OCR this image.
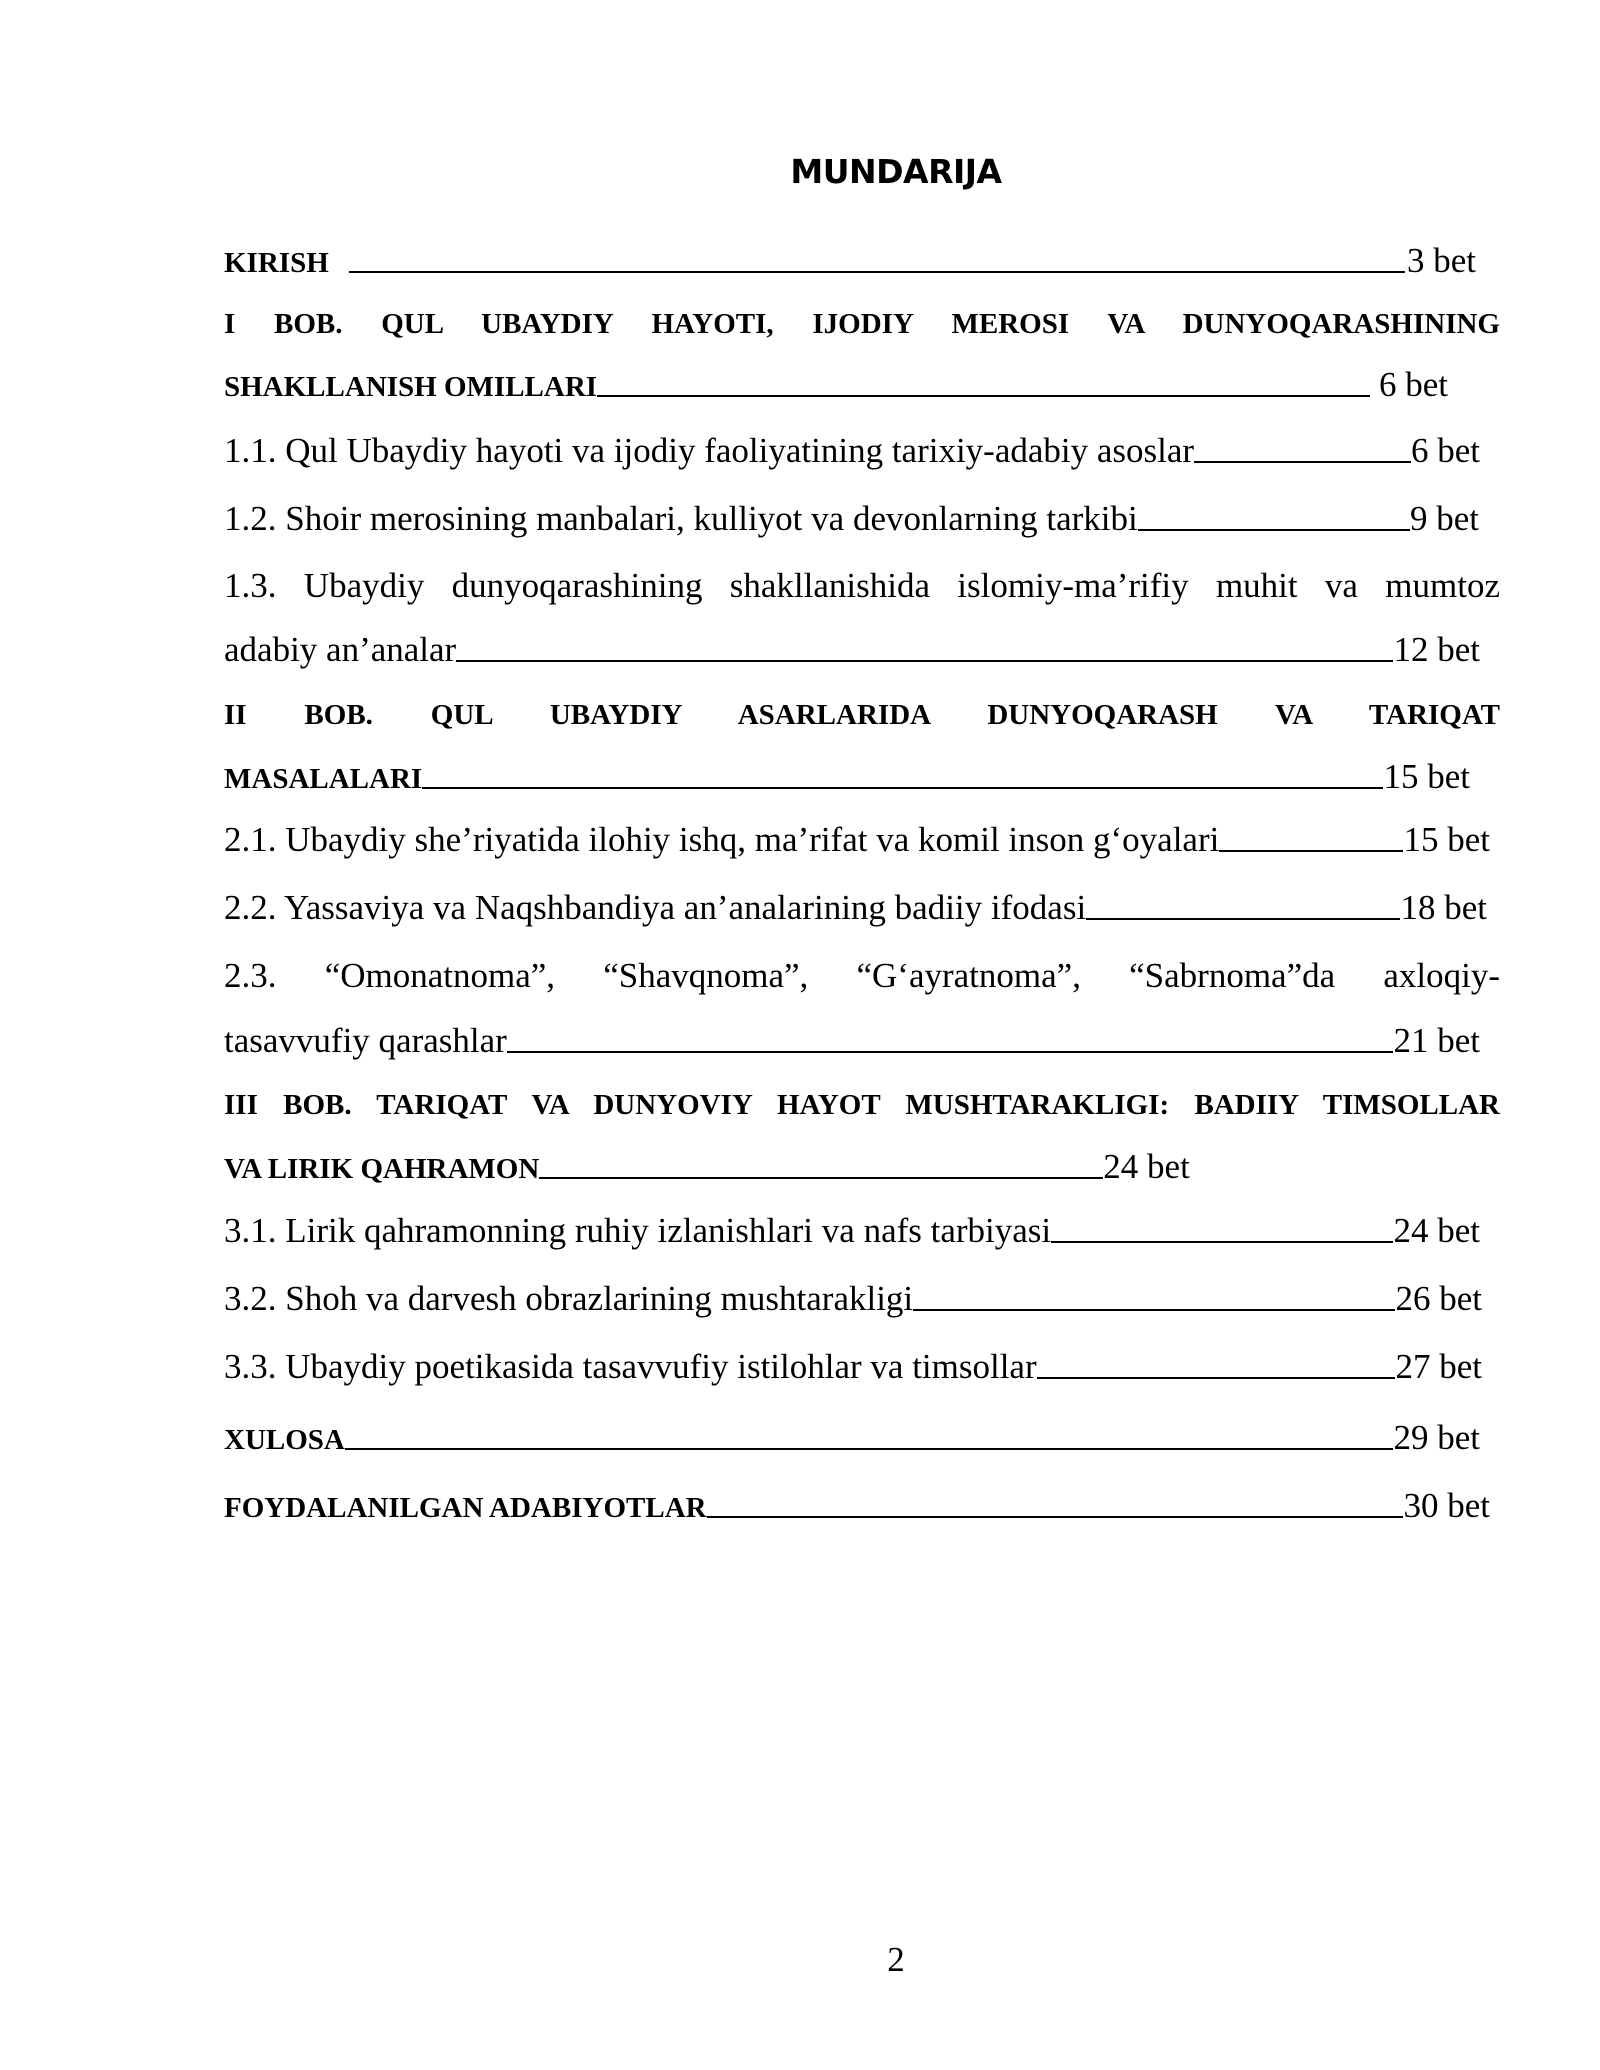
MUNDARIJA
KIRISH	3 bet
I BOB. QUL UBAYDIY HAYOTI, IJODIY MEROSI VA DUNYOQARASHINING
SHAKLLANISH OMILLARI	6 bet
1.1. Qul Ubaydiy hayoti va ijodiy faoliyatining tarixiy-adabiy asoslar	6 bet
1.2. Shoir merosining manbalari, kulliyot va devonlarning tarkibi	9 bet
1.3. Ubaydiy dunyoqarashining shakllanishida islomiy-ma’rifiy muhit va mumtoz
adabiy an’analar	12 bet
II BOB. QUL UBAYDIY ASARLARIDA DUNYOQARASH VA TARIQAT
MASALALARI	15 bet
2.1. Ubaydiy she’riyatida ilohiy ishq, ma’rifat va komil inson g‘oyalari	15 bet
2.2. Yassaviya va Naqshbandiya an’analarining badiiy ifodasi	18 bet
2.3. “Omonatnoma”, “Shavqnoma”, “G‘ayratnoma”, “Sabrnoma”da axloqiy-
tasavvufiy qarashlar	21 bet
III BOB. TARIQAT VA DUNYOVIY HAYOT MUSHTARAKLIGI: BADIIY TIMSOLLAR
VA LIRIK QAHRAMON	24 bet
3.1. Lirik qahramonning ruhiy izlanishlari va nafs tarbiyasi	24 bet
3.2. Shoh va darvesh obrazlarining mushtarakligi	26 bet
3.3. Ubaydiy poetikasida tasavvufiy istilohlar va timsollar	27 bet
XULOSA	29 bet
FOYDALANILGAN ADABIYOTLAR	30 bet
2
